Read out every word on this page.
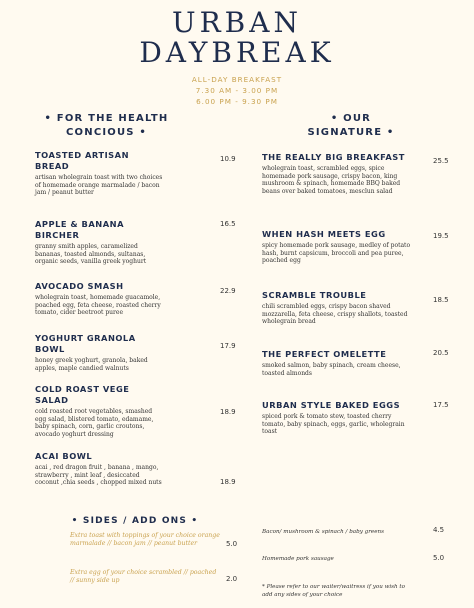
URBAN
DAYBREAK
ALL-DAY BREAKFAST
7.30 AM - 3.00 PM
6.00 PM - 9.30 PM
• FOR THE HEALTH CONCIOUS •
• OUR SIGNATURE •
TOASTED ARTISAN BREAD
artisan wholegrain toast with two choices of homemade orange marmalade / bacon jam / peanut butter
10.9
APPLE & BANANA BIRCHER
granny smith apples, caramelized bananas, toasted almonds, sultanas, organic seeds, vanilla greek yoghurt
16.5
AVOCADO SMASH
wholegrain toast, homemade guacamole, poached egg, feta cheese, roasted cherry tomato, cider beetroot puree
22.9
YOGHURT GRANOLA BOWL
honey greek yoghurt, granola, baked apples, maple candied walnuts
17.9
COLD ROAST VEGE SALAD
cold roasted root vegetables, smashed egg salad, blistered tomato, edamame, baby spinach, corn, garlic croutons, avocado yoghurt dressing
18.9
ACAI BOWL
acai , red dragon fruit , banana , mango, strawberry , mint leaf , desiccated coconut ,chia seeds , chopped mixed nuts	18.9
THE REALLY BIG BREAKFAST
wholegrain toast, scrambled eggs, spice homemade pork sausage, crispy bacon, king mushroom & spinach, homemade BBQ baked beans over baked tomatoes, mesclun salad
25.5
WHEN HASH MEETS EGG
spicy homemade pork sausage, medley of potato hash, burnt capsicum, broccoli and pea puree, poached egg
19.5
SCRAMBLE TROUBLE
chili scrambled eggs, crispy bacon shaved mozzarella, feta cheese, crispy shallots, toasted wholegrain bread
18.5
THE PERFECT OMELETTE
smoked salmon, baby spinach, cream cheese, toasted almonds
20.5
URBAN STYLE BAKED EGGS
spiced pork & tomato stew, toasted cherry tomato, baby spinach, eggs, garlic, wholegrain toast
17.5
• SIDES / ADD ONS •
Extra toast with toppings of your choice orange marmalade // bacon jam // peanut butter	5.0
Extra egg of your choice scrambled // poached // sunny side up	2.0
Bacon/ mushroom & spinach / baby greens	4.5
Homemade pork sausage	5.0
* Please refer to our waiter/waitress if you wish to add any sides of your choice
